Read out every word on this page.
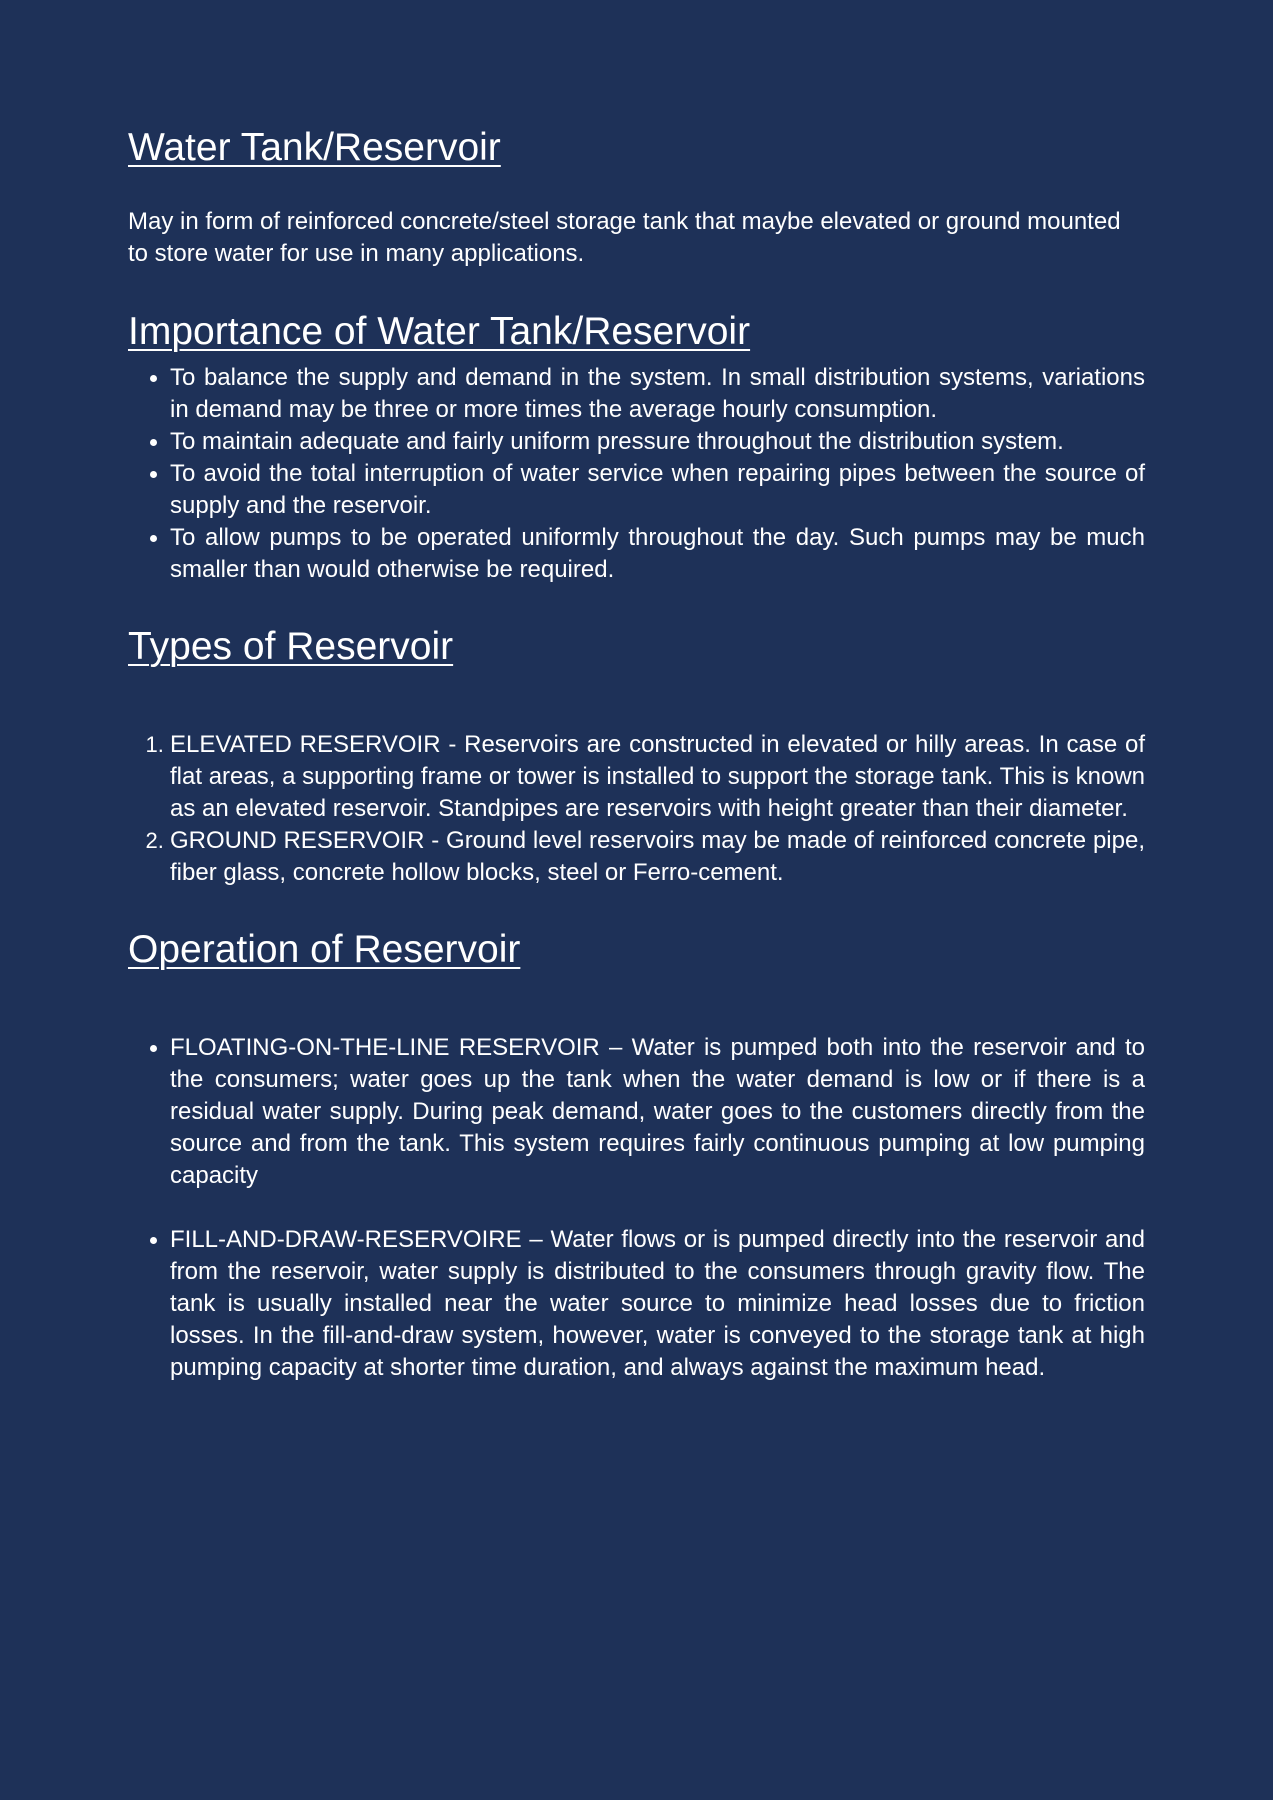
Water Tank/Reservoir

May in form of reinforced concrete/steel storage tank that maybe elevated or ground mounted to store water for use in many applications.

Importance of Water Tank/Reservoir
• To balance the supply and demand in the system. In small distribution systems, variations in demand may be three or more times the average hourly consumption.
• To maintain adequate and fairly uniform pressure throughout the distribution system.
• To avoid the total interruption of water service when repairing pipes between the source of supply and the reservoir.
• To allow pumps to be operated uniformly throughout the day. Such pumps may be much smaller than would otherwise be required.
Types of Reservoir
1. ELEVATED RESERVOIR - Reservoirs are constructed in elevated or hilly areas. In case of flat areas, a supporting frame or tower is installed to support the storage tank. This is known as an elevated reservoir. Standpipes are reservoirs with height greater than their diameter.
2. GROUND RESERVOIR - Ground level reservoirs may be made of reinforced concrete pipe, fiber glass, concrete hollow blocks, steel or Ferro-cement.
Operation of Reservoir
• FLOATING-ON-THE-LINE RESERVOIR – Water is pumped both into the reservoir and to the consumers; water goes up the tank when the water demand is low or if there is a residual water supply. During peak demand, water goes to the customers directly from the source and from the tank. This system requires fairly continuous pumping at low pumping capacity
• FILL-AND-DRAW-RESERVOIRE – Water flows or is pumped directly into the reservoir and from the reservoir, water supply is distributed to the consumers through gravity flow. The tank is usually installed near the water source to minimize head losses due to friction losses. In the fill-and-draw system, however, water is conveyed to the storage tank at high pumping capacity at shorter time duration, and always against the maximum head.
